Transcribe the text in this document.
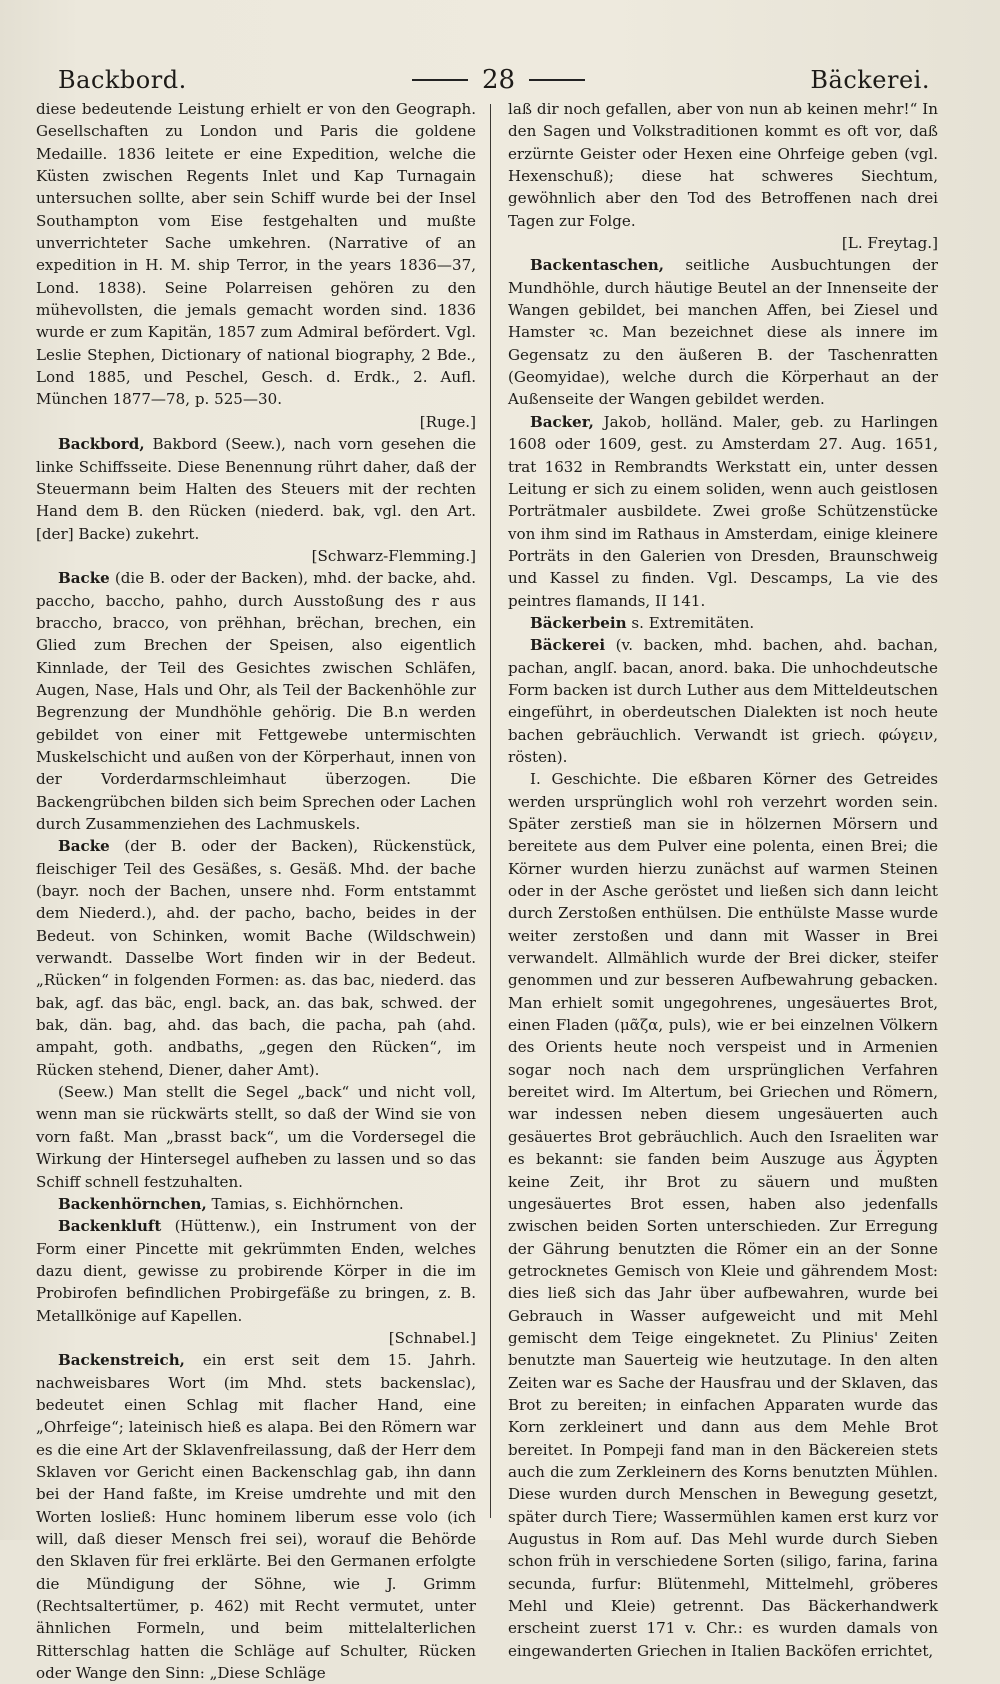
Backbord.	28	Bäckerei.

diese bedeutende Leistung erhielt er von den Geograph. Gesellschaften zu London und Paris die goldene Medaille. 1836 leitete er eine Expedition, welche die Küsten zwischen Regents Inlet und Kap Turnagain untersuchen sollte, aber sein Schiff wurde bei der Insel Southampton vom Eise festgehalten und mußte unverrichteter Sache umkehren. (Narrative of an expedition in H. M. ship Terror, in the years 1836—37, Lond. 1838). Seine Polarreisen gehören zu den mühevollsten, die jemals gemacht worden sind. 1836 wurde er zum Kapitän, 1857 zum Admiral befördert. Vgl. Leslie Stephen, Dictionary of national biography, 2 Bde., Lond 1885, und Peschel, Gesch. d. Erdk., 2. Aufl. München 1877—78, p. 525—30.
[Ruge.]

Backbord, Bakbord (Seew.), nach vorn gesehen die linke Schiffsseite. Diese Benennung rührt daher, daß der Steuermann beim Halten des Steuers mit der rechten Hand dem B. den Rücken (niederd. bak, vgl. den Art. [der] Backe) zukehrt.
[Schwarz-Flemming.]

Backe (die B. oder der Backen), mhd. der backe, ahd. paccho, baccho, pahho, durch Ausstoßung des r aus braccho, bracco, von prëhhan, brëchan, brechen, ein Glied zum Brechen der Speisen, also eigentlich Kinnlade, der Teil des Gesichtes zwischen Schläfen, Augen, Nase, Hals und Ohr, als Teil der Backenhöhle zur Begrenzung der Mundhöhle gehörig. Die B.n werden gebildet von einer mit Fettgewebe untermischten Muskelschicht und außen von der Körperhaut, innen von der Vorderdarmschleimhaut überzogen. Die Backengrübchen bilden sich beim Sprechen oder Lachen durch Zusammenziehen des Lachmuskels.

Backe (der B. oder der Backen), Rückenstück, fleischiger Teil des Gesäßes, s. Gesäß. Mhd. der bache (bayr. noch der Bachen, unsere nhd. Form entstammt dem Niederd.), ahd. der pacho, bacho, beides in der Bedeut. von Schinken, womit Bache (Wildschwein) verwandt. Dasselbe Wort finden wir in der Bedeut. „Rücken“ in folgenden Formen: as. das bac, niederd. das bak, agf. das bäc, engl. back, an. das bak, schwed. der bak, dän. bag, ahd. das bach, die pacha, pah (ahd. ampaht, goth. andbaths, „gegen den Rücken“, im Rücken stehend, Diener, daher Amt).

(Seew.) Man stellt die Segel „back“ und nicht voll, wenn man sie rückwärts stellt, so daß der Wind sie von vorn faßt. Man „brasst back“, um die Vordersegel die Wirkung der Hintersegel aufheben zu lassen und so das Schiff schnell festzuhalten.

Backenhörnchen, Tamias, s. Eichhörnchen.

Backenkluft (Hüttenw.), ein Instrument von der Form einer Pincette mit gekrümmten Enden, welches dazu dient, gewisse zu probirende Körper in die im Probirofen befindlichen Probirgefäße zu bringen, z. B. Metallkönige auf Kapellen.
[Schnabel.]

Backenstreich, ein erst seit dem 15. Jahrh. nachweisbares Wort (im Mhd. stets backenslac), bedeutet einen Schlag mit flacher Hand, eine „Ohrfeige“; lateinisch hieß es alapa. Bei den Römern war es die eine Art der Sklavenfreilassung, daß der Herr dem Sklaven vor Gericht einen Backenschlag gab, ihn dann bei der Hand faßte, im Kreise umdrehte und mit den Worten losließ: Hunc hominem liberum esse volo (ich will, daß dieser Mensch frei sei), worauf die Behörde den Sklaven für frei erklärte. Bei den Germanen erfolgte die Mündigung der Söhne, wie J. Grimm (Rechtsaltertümer, p. 462) mit Recht vermutet, unter ähnlichen Formeln, und beim mittelalterlichen Ritterschlag hatten die Schläge auf Schulter, Rücken oder Wange den Sinn: „Diese Schläge

laß dir noch gefallen, aber von nun ab keinen mehr!“ In den Sagen und Volkstraditionen kommt es oft vor, daß erzürnte Geister oder Hexen eine Ohrfeige geben (vgl. Hexenschuß); diese hat schweres Siechtum, gewöhnlich aber den Tod des Betroffenen nach drei Tagen zur Folge.
[L. Freytag.]

Backentaschen, seitliche Ausbuchtungen der Mundhöhle, durch häutige Beutel an der Innenseite der Wangen gebildet, bei manchen Affen, bei Ziesel und Hamster ꝛc. Man bezeichnet diese als innere im Gegensatz zu den äußeren B. der Taschenratten (Geomyidae), welche durch die Körperhaut an der Außenseite der Wangen gebildet werden.

Backer, Jakob, holländ. Maler, geb. zu Harlingen 1608 oder 1609, gest. zu Amsterdam 27. Aug. 1651, trat 1632 in Rembrandts Werkstatt ein, unter dessen Leitung er sich zu einem soliden, wenn auch geistlosen Porträtmaler ausbildete. Zwei große Schützenstücke von ihm sind im Rathaus in Amsterdam, einige kleinere Porträts in den Galerien von Dresden, Braunschweig und Kassel zu finden. Vgl. Descamps, La vie des peintres flamands, II 141.

Bäckerbein s. Extremitäten.

Bäckerei (v. backen, mhd. bachen, ahd. bachan, pachan, anglſ. bacan, anord. baka. Die unhochdeutsche Form backen ist durch Luther aus dem Mitteldeutschen eingeführt, in oberdeutschen Dialekten ist noch heute bachen gebräuchlich. Verwandt ist griech. φώγειν, rösten).

I. Geschichte. Die eßbaren Körner des Getreides werden ursprünglich wohl roh verzehrt worden sein. Später zerstieß man sie in hölzernen Mörsern und bereitete aus dem Pulver eine polenta, einen Brei; die Körner wurden hierzu zunächst auf warmen Steinen oder in der Asche geröstet und ließen sich dann leicht durch Zerstoßen enthülsen. Die enthülste Masse wurde weiter zerstoßen und dann mit Wasser in Brei verwandelt. Allmählich wurde der Brei dicker, steifer genommen und zur besseren Aufbewahrung gebacken. Man erhielt somit ungegohrenes, ungesäuertes Brot, einen Fladen (μᾶζα, puls), wie er bei einzelnen Völkern des Orients heute noch verspeist und in Armenien sogar noch nach dem ursprünglichen Verfahren bereitet wird. Im Altertum, bei Griechen und Römern, war indessen neben diesem ungesäuerten auch gesäuertes Brot gebräuchlich. Auch den Israeliten war es bekannt: sie fanden beim Auszuge aus Ägypten keine Zeit, ihr Brot zu säuern und mußten ungesäuertes Brot essen, haben also jedenfalls zwischen beiden Sorten unterschieden. Zur Erregung der Gährung benutzten die Römer ein an der Sonne getrocknetes Gemisch von Kleie und gährendem Most: dies ließ sich das Jahr über aufbewahren, wurde bei Gebrauch in Wasser aufgeweicht und mit Mehl gemischt dem Teige eingeknetet. Zu Plinius' Zeiten benutzte man Sauerteig wie heutzutage. In den alten Zeiten war es Sache der Hausfrau und der Sklaven, das Brot zu bereiten; in einfachen Apparaten wurde das Korn zerkleinert und dann aus dem Mehle Brot bereitet. In Pompeji fand man in den Bäckereien stets auch die zum Zerkleinern des Korns benutzten Mühlen. Diese wurden durch Menschen in Bewegung gesetzt, später durch Tiere; Wassermühlen kamen erst kurz vor Augustus in Rom auf. Das Mehl wurde durch Sieben schon früh in verschiedene Sorten (siligo, farina, farina secunda, furfur: Blütenmehl, Mittelmehl, gröberes Mehl und Kleie) getrennt. Das Bäckerhandwerk erscheint zuerst 171 v. Chr.: es wurden damals von eingewanderten Griechen in Italien Backöfen errichtet,
